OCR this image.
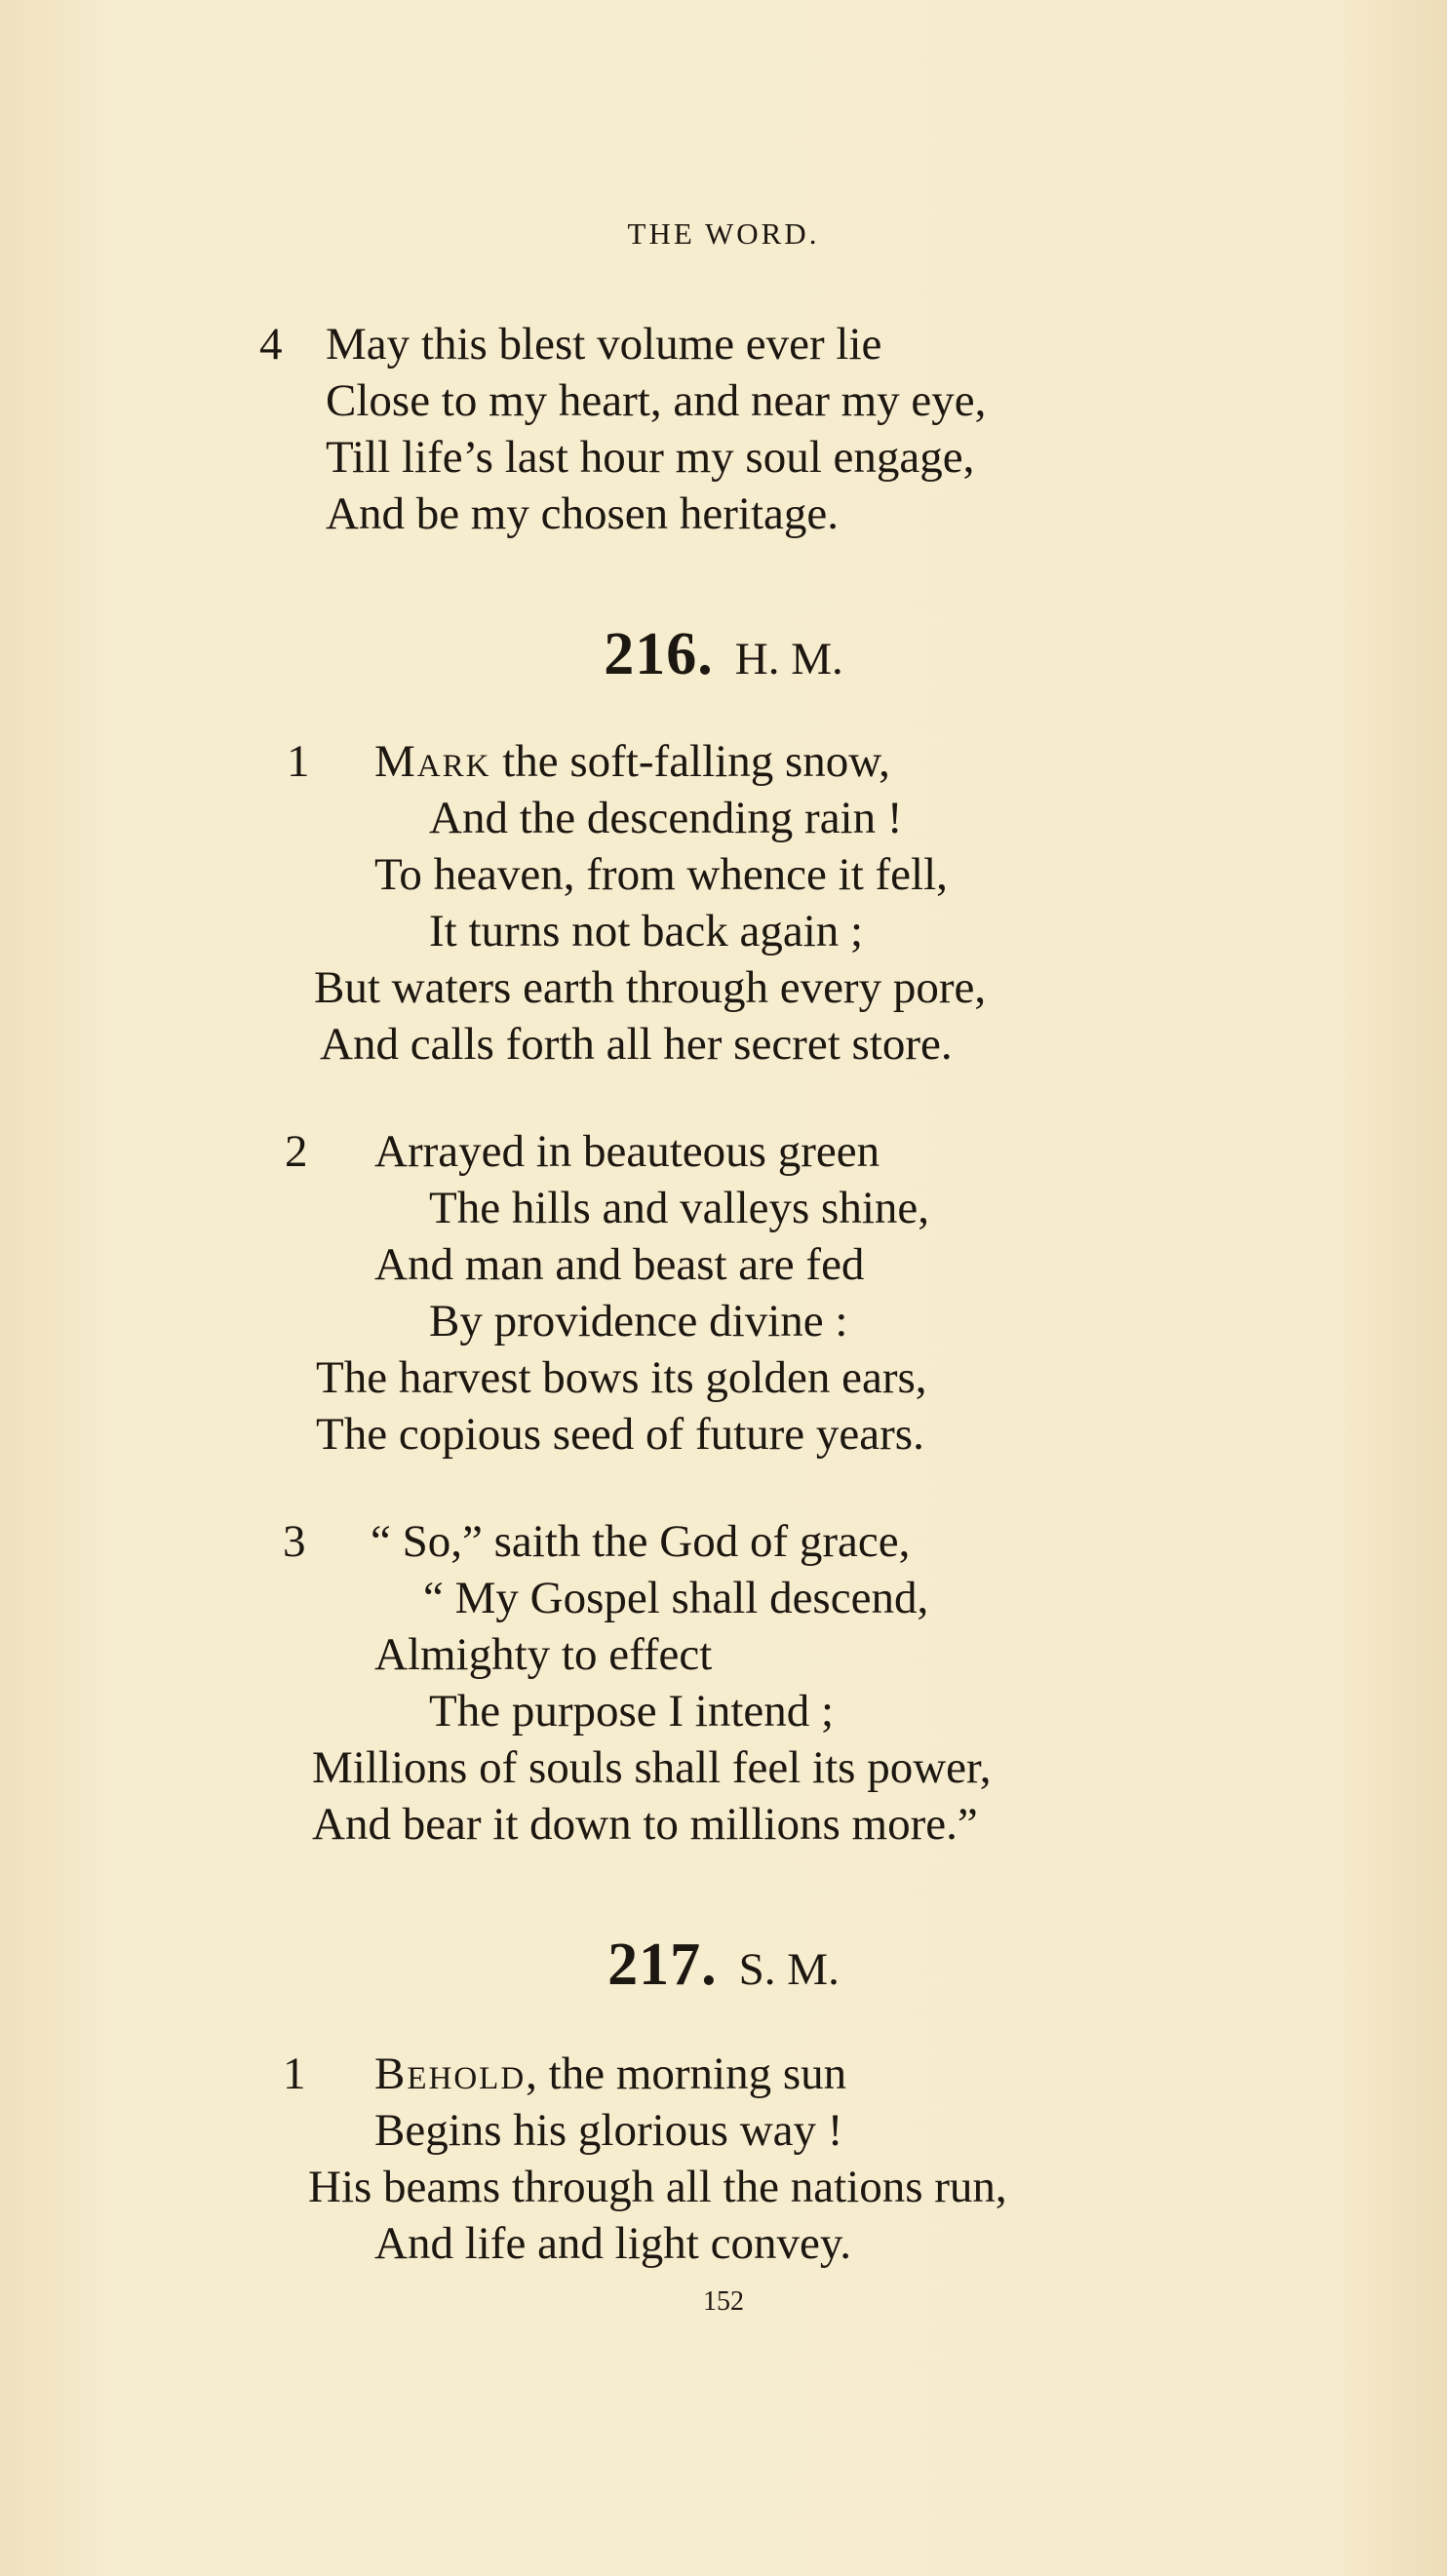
THE WORD.
4 May this blest volume ever lie
Close to my heart, and near my eye,
Till life’s last hour my soul engage,
And be my chosen heritage.
216. H. M.
1 Mark the soft-falling snow,
And the descending rain !
To heaven, from whence it fell,
It turns not back again ;
But waters earth through every pore,
And calls forth all her secret store.
2 Arrayed in beauteous green
The hills and valleys shine,
And man and beast are fed
By providence divine :
The harvest bows its golden ears,
The copious seed of future years.
3 “ So,” saith the God of grace,
“ My Gospel shall descend,
Almighty to effect
The purpose I intend ;
Millions of souls shall feel its power,
And bear it down to millions more.”
217. S. M.
1 Behold, the morning sun
Begins his glorious way !
His beams through all the nations run,
And life and light convey.
152
